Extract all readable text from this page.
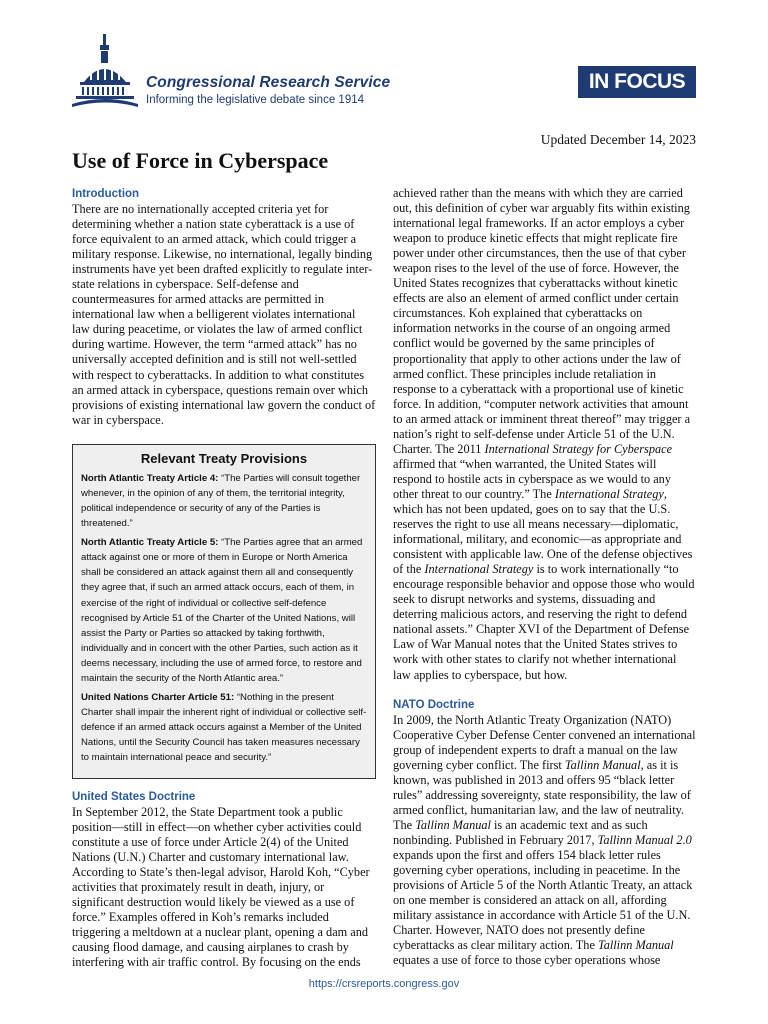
Congressional Research Service
Informing the legislative debate since 1914
IN FOCUS
Updated December 14, 2023
Use of Force in Cyberspace
Introduction

There are no internationally accepted criteria yet for determining whether a nation state cyberattack is a use of force equivalent to an armed attack, which could trigger a military response. Likewise, no international, legally binding instruments have yet been drafted explicitly to regulate inter-state relations in cyberspace. Self-defense and countermeasures for armed attacks are permitted in international law when a belligerent violates international law during peacetime, or violates the law of armed conflict during wartime. However, the term “armed attack” has no universally accepted definition and is still not well-settled with respect to cyberattacks. In addition to what constitutes an armed attack in cyberspace, questions remain over which provisions of existing international law govern the conduct of war in cyberspace.

Relevant Treaty Provisions

North Atlantic Treaty Article 4: “The Parties will consult together whenever, in the opinion of any of them, the territorial integrity, political independence or security of any of the Parties is threatened.”

North Atlantic Treaty Article 5: “The Parties agree that an armed attack against one or more of them in Europe or North America shall be considered an attack against them all and consequently they agree that, if such an armed attack occurs, each of them, in exercise of the right of individual or collective self-defence recognised by Article 51 of the Charter of the United Nations, will assist the Party or Parties so attacked by taking forthwith, individually and in concert with the other Parties, such action as it deems necessary, including the use of armed force, to restore and maintain the security of the North Atlantic area.”

United Nations Charter Article 51: “Nothing in the present Charter shall impair the inherent right of individual or collective self-defence if an armed attack occurs against a Member of the United Nations, until the Security Council has taken measures necessary to maintain international peace and security.”

United States Doctrine

In September 2012, the State Department took a public position—still in effect—on whether cyber activities could constitute a use of force under Article 2(4) of the United Nations (U.N.) Charter and customary international law. According to State’s then-legal advisor, Harold Koh, “Cyber activities that proximately result in death, injury, or significant destruction would likely be viewed as a use of force.” Examples offered in Koh’s remarks included triggering a meltdown at a nuclear plant, opening a dam and causing flood damage, and causing airplanes to crash by interfering with air traffic control. By focusing on the ends

achieved rather than the means with which they are carried out, this definition of cyber war arguably fits within existing international legal frameworks. If an actor employs a cyber weapon to produce kinetic effects that might replicate fire power under other circumstances, then the use of that cyber weapon rises to the level of the use of force. However, the United States recognizes that cyberattacks without kinetic effects are also an element of armed conflict under certain circumstances. Koh explained that cyberattacks on information networks in the course of an ongoing armed conflict would be governed by the same principles of proportionality that apply to other actions under the law of armed conflict. These principles include retaliation in response to a cyberattack with a proportional use of kinetic force. In addition, “computer network activities that amount to an armed attack or imminent threat thereof” may trigger a nation’s right to self-defense under Article 51 of the U.N. Charter. The 2011 International Strategy for Cyberspace affirmed that “when warranted, the United States will respond to hostile acts in cyberspace as we would to any other threat to our country.” The International Strategy, which has not been updated, goes on to say that the U.S. reserves the right to use all means necessary—diplomatic, informational, military, and economic—as appropriate and consistent with applicable law. One of the defense objectives of the International Strategy is to work internationally “to encourage responsible behavior and oppose those who would seek to disrupt networks and systems, dissuading and deterring malicious actors, and reserving the right to defend national assets.” Chapter XVI of the Department of Defense Law of War Manual notes that the United States strives to work with other states to clarify not whether international law applies to cyberspace, but how.

NATO Doctrine

In 2009, the North Atlantic Treaty Organization (NATO) Cooperative Cyber Defense Center convened an international group of independent experts to draft a manual on the law governing cyber conflict. The first Tallinn Manual, as it is known, was published in 2013 and offers 95 “black letter rules” addressing sovereignty, state responsibility, the law of armed conflict, humanitarian law, and the law of neutrality. The Tallinn Manual is an academic text and as such nonbinding. Published in February 2017, Tallinn Manual 2.0 expands upon the first and offers 154 black letter rules governing cyber operations, including in peacetime. In the provisions of Article 5 of the North Atlantic Treaty, an attack on one member is considered an attack on all, affording military assistance in accordance with Article 51 of the U.N. Charter. However, NATO does not presently define cyberattacks as clear military action. The Tallinn Manual equates a use of force to those cyber operations whose

https://crsreports.congress.gov
